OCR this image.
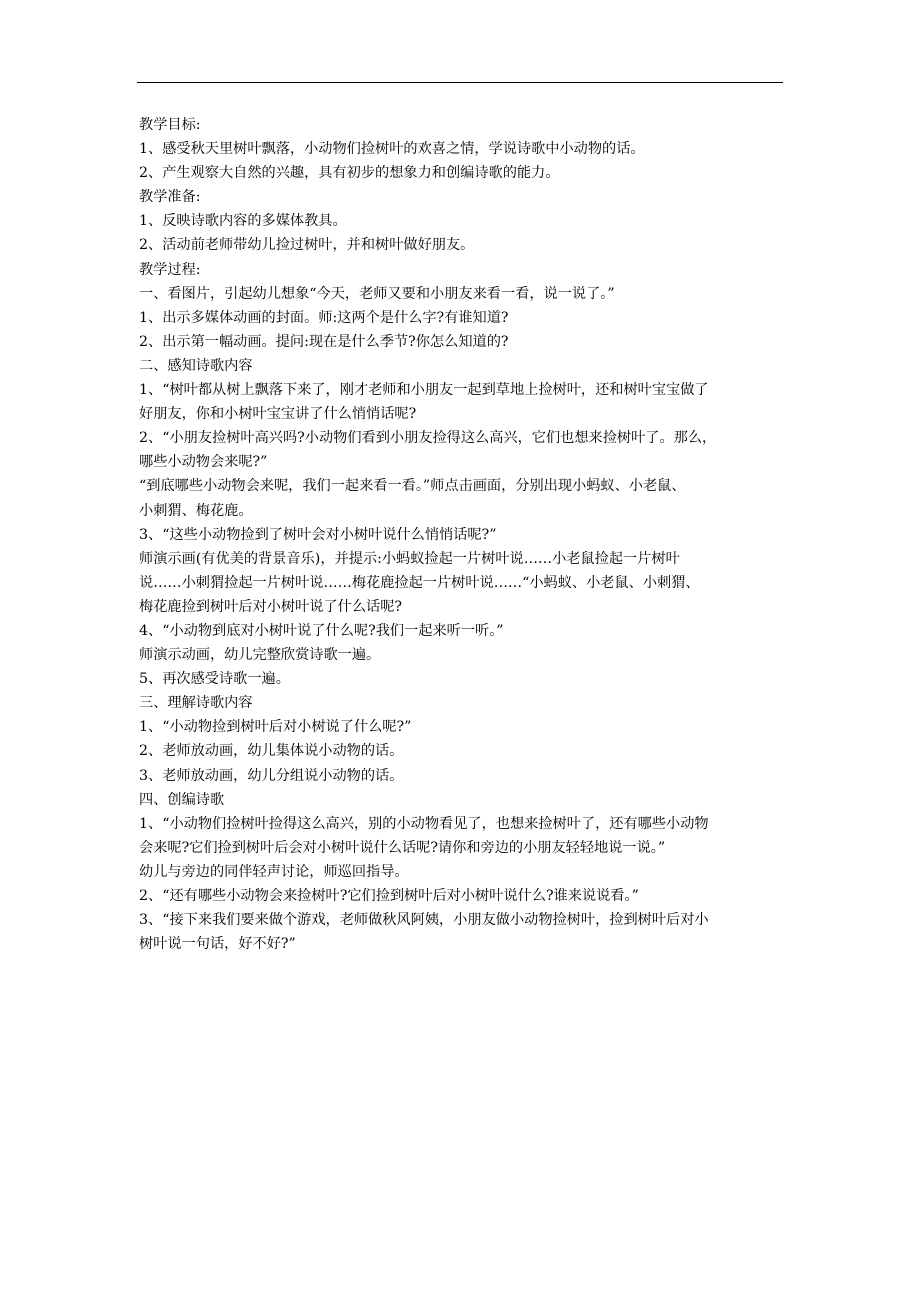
教学目标:
1、感受秋天里树叶飘落，小动物们捡树叶的欢喜之情，学说诗歌中小动物的话。
2、产生观察大自然的兴趣，具有初步的想象力和创编诗歌的能力。
教学准备:
1、反映诗歌内容的多媒体教具。
2、活动前老师带幼儿捡过树叶，并和树叶做好朋友。
教学过程:
一、看图片，引起幼儿想象“今天，老师又要和小朋友来看一看，说一说了。”
1、出示多媒体动画的封面。师:这两个是什么字?有谁知道?
2、出示第一幅动画。提问:现在是什么季节?你怎么知道的?
二、感知诗歌内容
1、“树叶都从树上飘落下来了，刚才老师和小朋友一起到草地上捡树叶，还和树叶宝宝做了
好朋友，你和小树叶宝宝讲了什么悄悄话呢?
2、“小朋友捡树叶高兴吗?小动物们看到小朋友捡得这么高兴，它们也想来捡树叶了。那么，
哪些小动物会来呢?”
“到底哪些小动物会来呢，我们一起来看一看。”师点击画面，分别出现小蚂蚁、小老鼠、
小刺猬、梅花鹿。
3、“这些小动物捡到了树叶会对小树叶说什么悄悄话呢?”
师演示画(有优美的背景音乐)，并提示:小蚂蚁捡起一片树叶说……小老鼠捡起一片树叶
说……小刺猬捡起一片树叶说……梅花鹿捡起一片树叶说……“小蚂蚁、小老鼠、小刺猬、
梅花鹿捡到树叶后对小树叶说了什么话呢?
4、“小动物到底对小树叶说了什么呢?我们一起来听一听。”
师演示动画，幼儿完整欣赏诗歌一遍。
5、再次感受诗歌一遍。
三、理解诗歌内容
1、“小动物捡到树叶后对小树说了什么呢?”
2、老师放动画，幼儿集体说小动物的话。
3、老师放动画，幼儿分组说小动物的话。
四、创编诗歌
1、“小动物们捡树叶捡得这么高兴，别的小动物看见了，也想来捡树叶了，还有哪些小动物
会来呢?它们捡到树叶后会对小树叶说什么话呢?请你和旁边的小朋友轻轻地说一说。”
幼儿与旁边的同伴轻声讨论，师巡回指导。
2、“还有哪些小动物会来捡树叶?它们捡到树叶后对小树叶说什么?谁来说说看。”
3、“接下来我们要来做个游戏，老师做秋风阿姨，小朋友做小动物捡树叶，捡到树叶后对小
树叶说一句话，好不好?”
